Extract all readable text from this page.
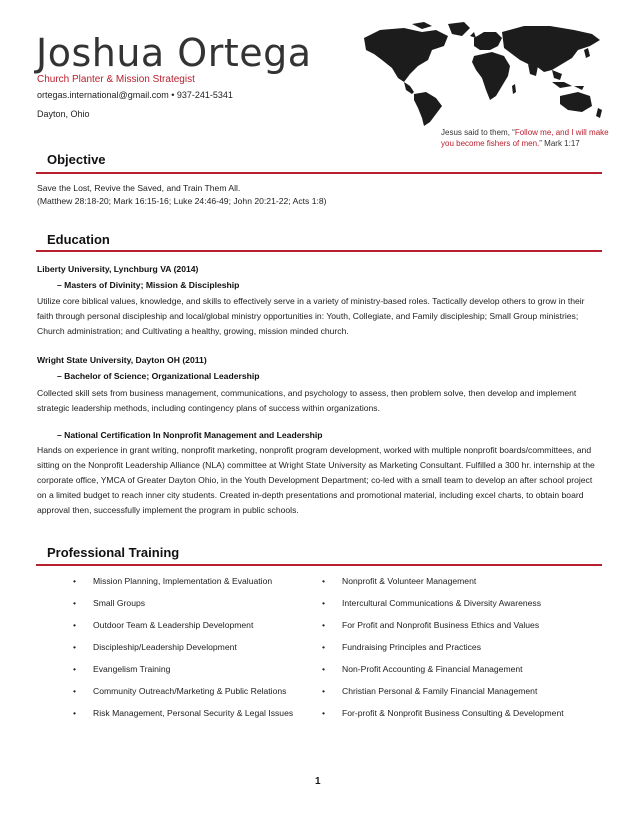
Joshua Ortega
Church Planter & Mission Strategist
ortegas.international@gmail.com • 937-241-5341
Dayton, Ohio
Jesus said to them, “Follow me, and I will make you become fishers of men.” Mark 1:17
Objective
Save the Lost, Revive the Saved, and Train Them All.
(Matthew 28:18-20; Mark 16:15-16; Luke 24:46-49; John 20:21-22; Acts 1:8)
Education
Liberty University, Lynchburg VA (2014)
– Masters of Divinity; Mission & Discipleship
Utilize core biblical values, knowledge, and skills to effectively serve in a variety of ministry-based roles. Tactically develop others to grow in their faith through personal discipleship and local/global ministry opportunities in: Youth, Collegiate, and Family discipleship; Small Group ministries; Church administration; and Cultivating a healthy, growing, mission minded church.
Wright State University, Dayton OH (2011)
– Bachelor of Science; Organizational Leadership
Collected skill sets from business management, communications, and psychology to assess, then problem solve, then develop and implement strategic leadership methods, including contingency plans of success within organizations.
– National Certification In Nonprofit Management and Leadership
Hands on experience in grant writing, nonprofit marketing, nonprofit program development, worked with multiple nonprofit boards/committees, and sitting on the Nonprofit Leadership Alliance (NLA) committee at Wright State University as Marketing Consultant. Fulfilled a 300 hr. internship at the corporate office, YMCA of Greater Dayton Ohio, in the Youth Development Department; co-led with a small team to develop an after school project on a limited budget to reach inner city students. Created in-depth presentations and promotional material, including excel charts, to obtain board approval then, successfully implement the program in public schools.
Professional Training
• Mission Planning, Implementation & Evaluation
• Small Groups
• Outdoor Team & Leadership Development
• Discipleship/Leadership Development
• Evangelism Training
• Community Outreach/Marketing & Public Relations
• Risk Management, Personal Security & Legal Issues
• Nonprofit & Volunteer Management
• Intercultural Communications & Diversity Awareness
• For Profit and Nonprofit Business Ethics and Values
• Fundraising Principles and Practices
• Non-Profit Accounting & Financial Management
• Christian Personal & Family Financial Management
• For-profit & Nonprofit Business Consulting & Development
1
